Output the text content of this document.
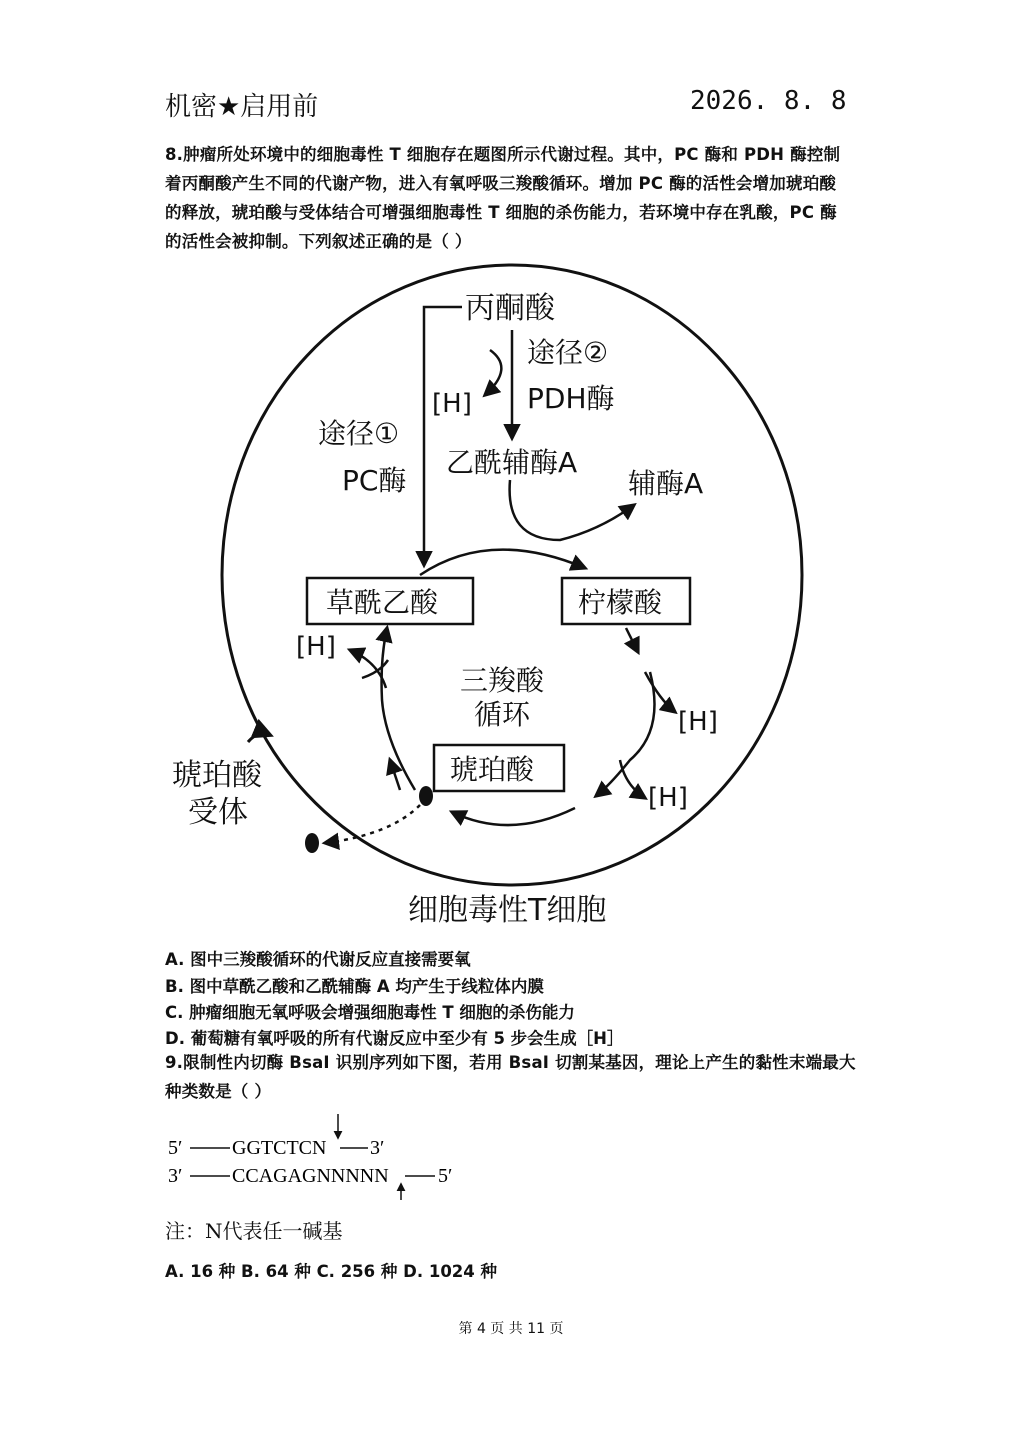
机密★启用前	2026. 8. 8

8.肿瘤所处环境中的细胞毒性 T 细胞存在题图所示代谢过程。其中，PC 酶和 PDH 酶控制

着丙酮酸产生不同的代谢产物，进入有氧呼吸三羧酸循环。增加 PC 酶的活性会增加琥珀酸

的释放，琥珀酸与受体结合可增强细胞毒性 T 细胞的杀伤能力，若环境中存在乳酸，PC 酶

的活性会被抑制。下列叙述正确的是（ ）

丙酮酸
途径②
PDH酶
[H]
途径①
PC酶
乙酰辅酶A
辅酶A
草酰乙酸	柠檬酸
[H]
[H]
三羧酸
循环
琥珀酸
[H]
琥珀酸
受体
细胞毒性T细胞
A. 图中三羧酸循环的代谢反应直接需要氧
B. 图中草酰乙酸和乙酰辅酶 A 均产生于线粒体内膜
C. 肿瘤细胞无氧呼吸会增强细胞毒性 T 细胞的杀伤能力
D. 葡萄糖有氧呼吸的所有代谢反应中至少有 5 步会生成［H］

9.限制性内切酶 BsaI 识别序列如下图，若用 BsaI 切割某基因，理论上产生的黏性末端最大

种类数是（ ）

5′ GGTCTCN 3′
3′ CCAGAGNNNNN 5′
注：N代表任一碱基
A. 16 种 B. 64 种 C. 256 种 D. 1024 种
第 4 页 共 11 页
